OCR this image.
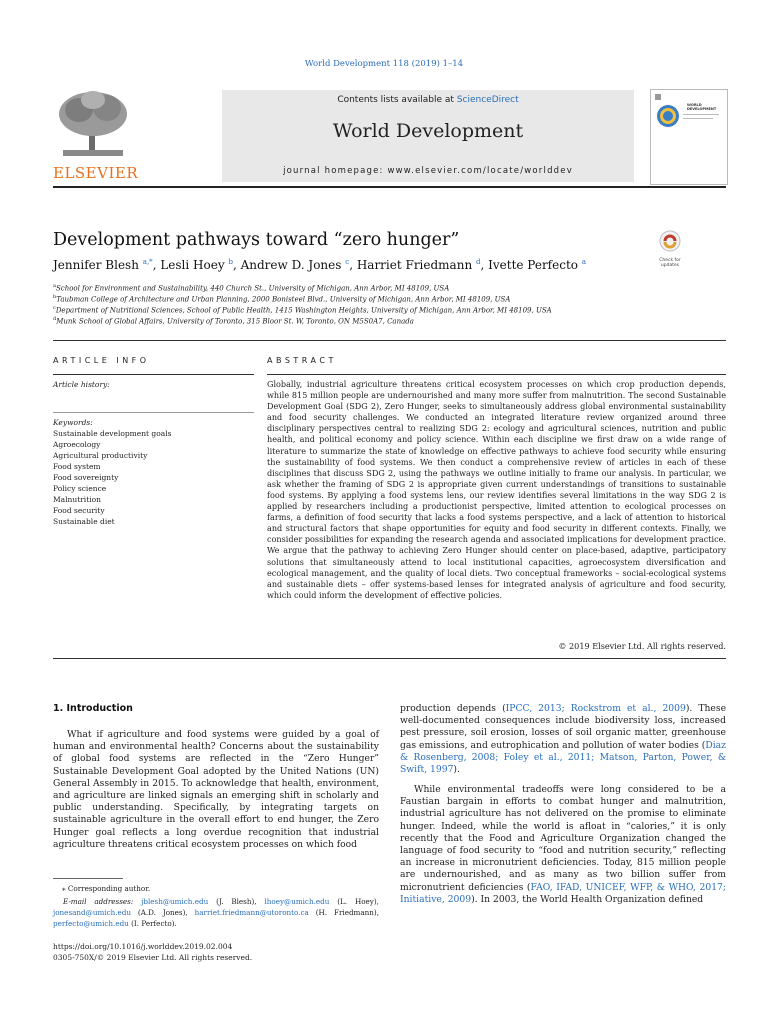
World Development 118 (2019) 1–14
ELSEVIER
Contents lists available at ScienceDirect
World Development
journal homepage: www.elsevier.com/locate/worlddev
WORLD DEVELOPMENT
Development pathways toward “zero hunger”
Check for updates
Jennifer Blesh $^{a,*}$, Lesli Hoey $^b$, Andrew D. Jones $^c$, Harriet Friedmann $^d$, Ivette Perfecto $^a$
$^a$School for Environment and Sustainability, 440 Church St., University of Michigan, Ann Arbor, MI 48109, USA
$^b$Taubman College of Architecture and Urban Planning, 2000 Bonisteel Blvd., University of Michigan, Ann Arbor, MI 48109, USA
$^c$Department of Nutritional Sciences, School of Public Health, 1415 Washington Heights, University of Michigan, Ann Arbor, MI 48109, USA
$^d$Munk School of Global Affairs, University of Toronto, 315 Bloor St. W, Toronto, ON M5S0A7, Canada
ARTICLE INFO
Article history:
Keywords:
Sustainable development goals
Agroecology
Agricultural productivity
Food system
Food sovereignty
Policy science
Malnutrition
Food security
Sustainable diet
ABSTRACT
Globally, industrial agriculture threatens critical ecosystem processes on which crop production depends, while 815 million people are undernourished and many more suffer from malnutrition. The second Sustainable Development Goal (SDG 2), Zero Hunger, seeks to simultaneously address global environmental sustainability and food security challenges. We conducted an integrated literature review organized around three disciplinary perspectives central to realizing SDG 2: ecology and agricultural sciences, nutrition and public health, and political economy and policy science. Within each discipline we first draw on a wide range of literature to summarize the state of knowledge on effective pathways to achieve food security while ensuring the sustainability of food systems. We then conduct a comprehensive review of articles in each of these disciplines that discuss SDG 2, using the pathways we outline initially to frame our analysis. In particular, we ask whether the framing of SDG 2 is appropriate given current understandings of transitions to sustainable food systems. By applying a food systems lens, our review identifies several limitations in the way SDG 2 is applied by researchers including a productionist perspective, limited attention to ecological processes on farms, a definition of food security that lacks a food systems perspective, and a lack of attention to historical and structural factors that shape opportunities for equity and food security in different contexts. Finally, we consider possibilities for expanding the research agenda and associated implications for development practice. We argue that the pathway to achieving Zero Hunger should center on place-based, adaptive, participatory solutions that simultaneously attend to local institutional capacities, agroecosystem diversification and ecological management, and the quality of local diets. Two conceptual frameworks – social-ecological systems and sustainable diets – offer systems-based lenses for integrated analysis of agriculture and food security, which could inform the development of effective policies.
© 2019 Elsevier Ltd. All rights reserved.
1. Introduction
What if agriculture and food systems were guided by a goal of human and environmental health? Concerns about the sustainability of global food systems are reflected in the “Zero Hunger” Sustainable Development Goal adopted by the United Nations (UN) General Assembly in 2015. To acknowledge that health, environment, and agriculture are linked signals an emerging shift in scholarly and public understanding. Specifically, by integrating targets on sustainable agriculture in the overall effort to end hunger, the Zero Hunger goal reflects a long overdue recognition that industrial agriculture threatens critical ecosystem processes on which food
production depends (IPCC, 2013; Rockstrom et al., 2009). These well-documented consequences include biodiversity loss, increased pest pressure, soil erosion, losses of soil organic matter, greenhouse gas emissions, and eutrophication and pollution of water bodies (Diaz & Rosenberg, 2008; Foley et al., 2011; Matson, Parton, Power, & Swift, 1997).
While environmental tradeoffs were long considered to be a Faustian bargain in efforts to combat hunger and malnutrition, industrial agriculture has not delivered on the promise to eliminate hunger. Indeed, while the world is afloat in “calories,” it is only recently that the Food and Agriculture Organization changed the language of food security to “food and nutrition security,” reflecting an increase in micronutrient deficiencies. Today, 815 million people are undernourished, and as many as two billion suffer from micronutrient deficiencies (FAO, IFAD, UNICEF, WFP, & WHO, 2017; Initiative, 2009). In 2003, the World Health Organization defined
⁎ Corresponding author.
E-mail addresses: jblesh@umich.edu (J. Blesh), lhoey@umich.edu (L. Hoey), jonesand@umich.edu (A.D. Jones), harriet.friedmann@utoronto.ca (H. Friedmann), perfecto@umich.edu (I. Perfecto).
https://doi.org/10.1016/j.worlddev.2019.02.004
0305-750X/© 2019 Elsevier Ltd. All rights reserved.
